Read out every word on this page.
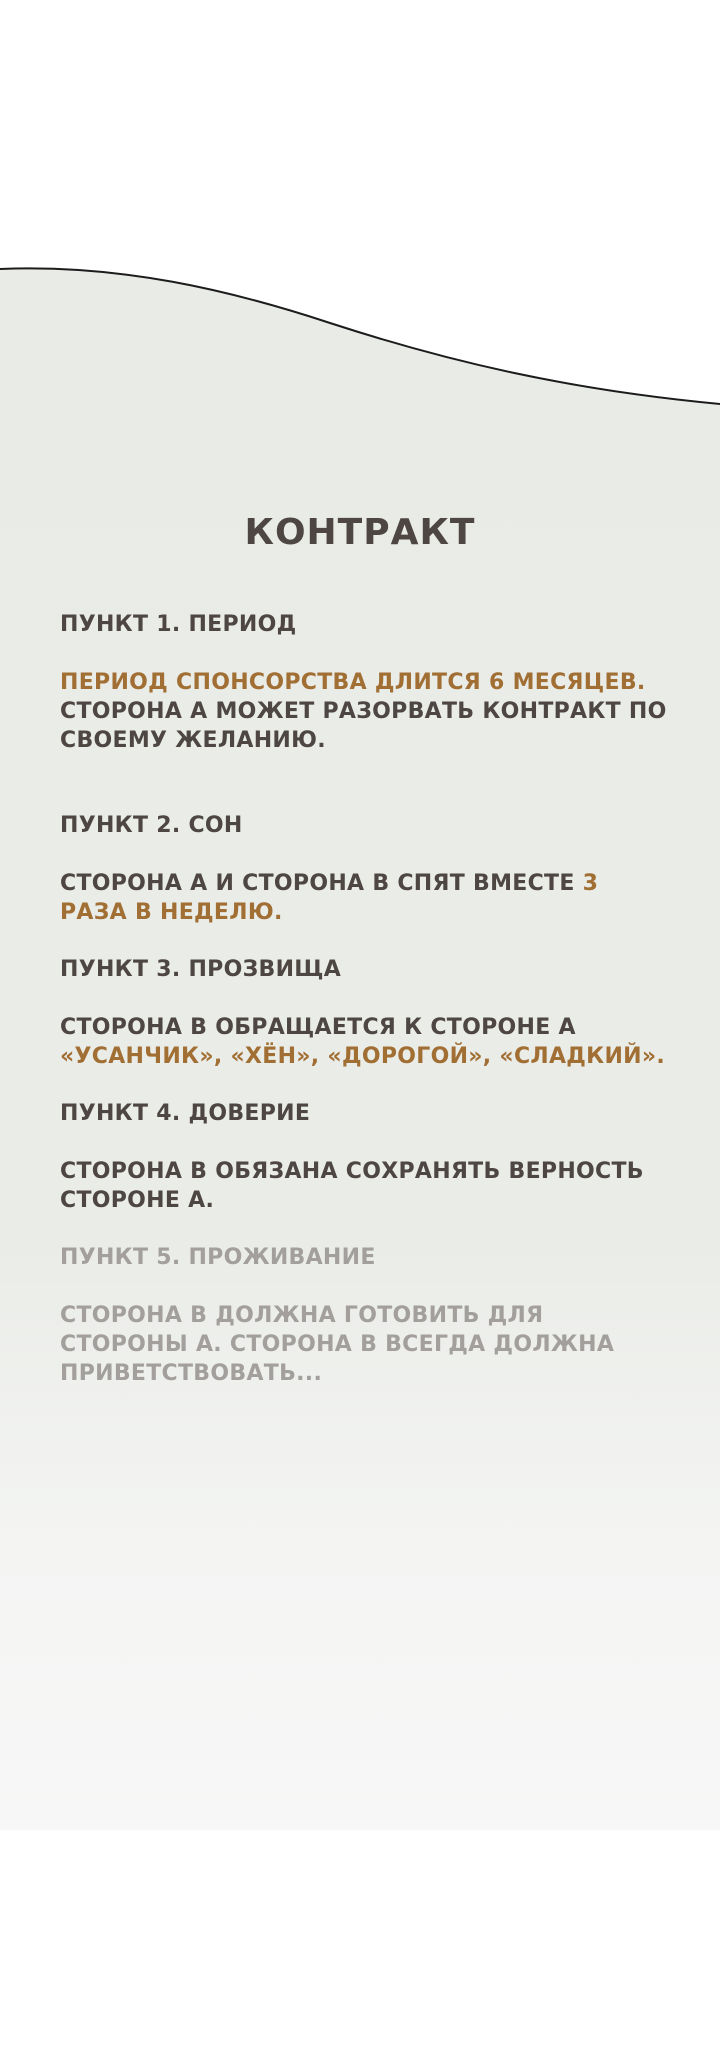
КОНТРАКТ
ПУНКТ 1. ПЕРИОД
ПЕРИОД СПОНСОРСТВА ДЛИТСЯ 6 МЕСЯЦЕВ.
СТОРОНА А МОЖЕТ РАЗОРВАТЬ КОНТРАКТ ПО
СВОЕМУ ЖЕЛАНИЮ.
ПУНКТ 2. СОН
СТОРОНА А И СТОРОНА В СПЯТ ВМЕСТЕ 3
РАЗА В НЕДЕЛЮ.
ПУНКТ 3. ПРОЗВИЩА
СТОРОНА В ОБРАЩАЕТСЯ К СТОРОНЕ А
«УСАНЧИК», «ХЁН», «ДОРОГОЙ», «СЛАДКИЙ».
ПУНКТ 4. ДОВЕРИЕ
СТОРОНА В ОБЯЗАНА СОХРАНЯТЬ ВЕРНОСТЬ
СТОРОНЕ А.
ПУНКТ 5. ПРОЖИВАНИЕ
СТОРОНА В ДОЛЖНА ГОТОВИТЬ ДЛЯ
СТОРОНЫ А. СТОРОНА В ВСЕГДА ДОЛЖНА
ПРИВЕТСТВОВАТЬ...
